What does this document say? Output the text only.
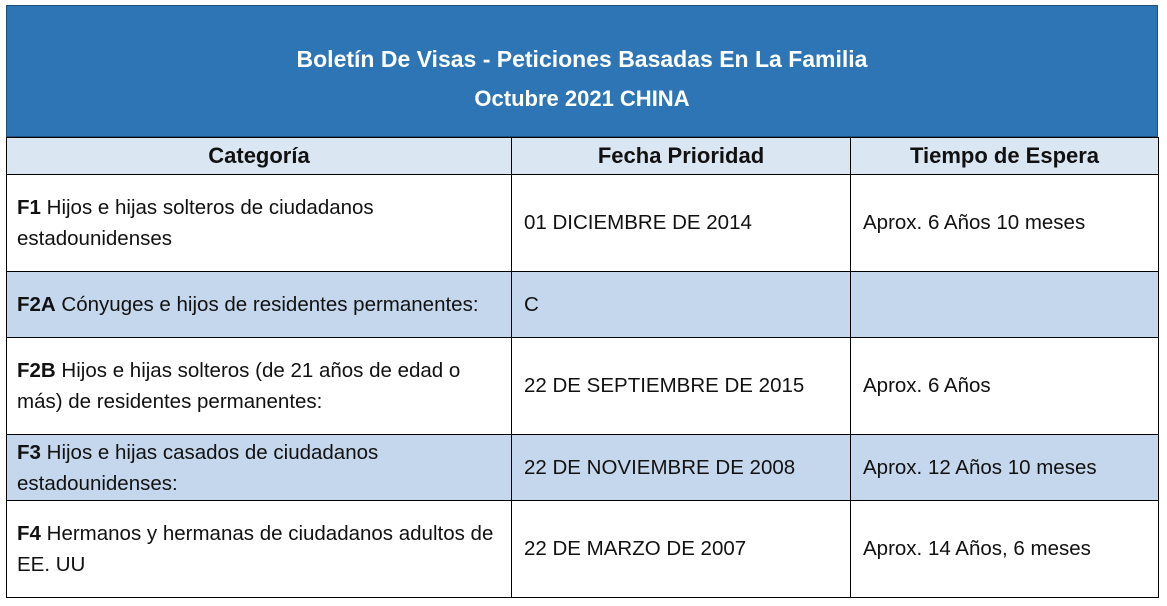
Boletín De Visas - Peticiones Basadas En La Familia
Octubre 2021 CHINA
Categoría	Fecha Prioridad	Tiempo de Espera
F1 Hijos e hijas solteros de ciudadanos estadounidenses	01 DICIEMBRE DE 2014	Aprox. 6 Años 10 meses
F2A Cónyuges e hijos de residentes permanentes:	C	
F2B Hijos e hijas solteros (de 21 años de edad o más) de residentes permanentes:	22 DE SEPTIEMBRE DE 2015	Aprox. 6 Años
F3 Hijos e hijas casados de ciudadanos estadounidenses:	22 DE NOVIEMBRE DE 2008	Aprox. 12 Años 10 meses
F4 Hermanos y hermanas de ciudadanos adultos de EE. UU	22 DE MARZO DE 2007	Aprox. 14 Años, 6 meses
